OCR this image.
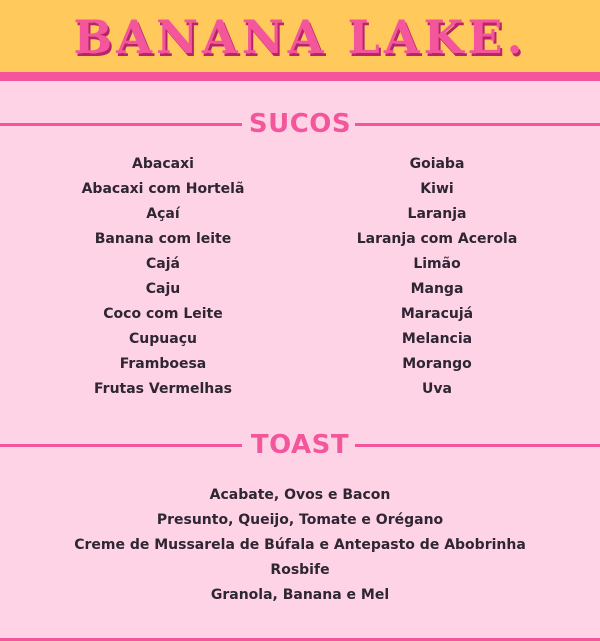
BANANA LAKE.
SUCOS
Abacaxi
Abacaxi com Hortelã
Açaí
Banana com leite
Cajá
Caju
Coco com Leite
Cupuaçu
Framboesa
Frutas Vermelhas
Goiaba
Kiwi
Laranja
Laranja com Acerola
Limão
Manga
Maracujá
Melancia
Morango
Uva
TOAST
Acabate, Ovos e Bacon
Presunto, Queijo, Tomate e Orégano
Creme de Mussarela de Búfala e Antepasto de Abobrinha
Rosbife
Granola, Banana e Mel
